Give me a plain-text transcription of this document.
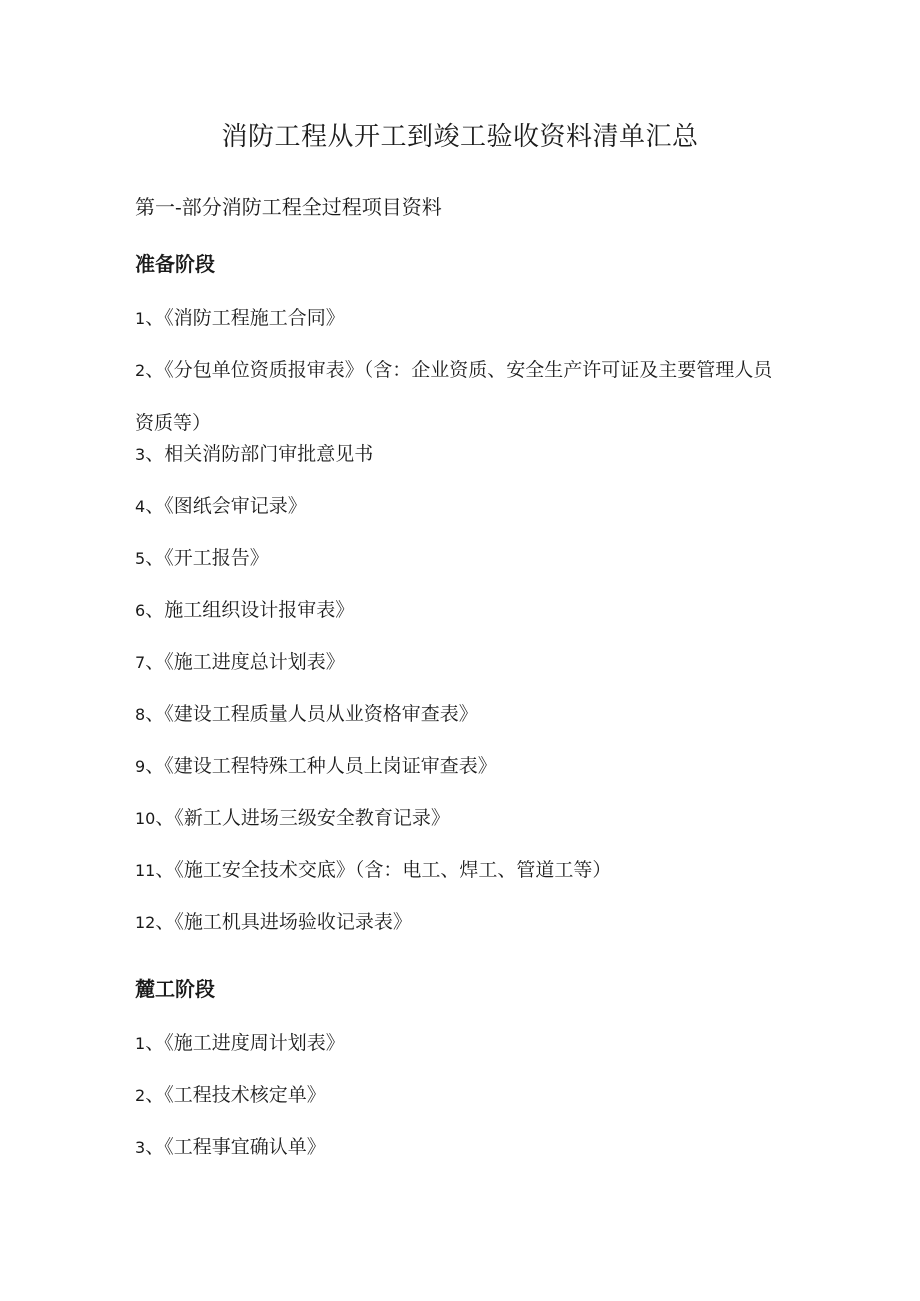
消防工程从开工到竣工验收资料清单汇总
第一-部分消防工程全过程项目资料
准备阶段
1、《消防工程施工合同》
2、《分包单位资质报审表》（含：企业资质、安全生产许可证及主要管理人员资质等）
3、相关消防部门审批意见书
4、《图纸会审记录》
5、《开工报告》
6、施工组织设计报审表》
7、《施工进度总计划表》
8、《建设工程质量人员从业资格审查表》
9、《建设工程特殊工种人员上岗证审查表》
10、《新工人进场三级安全教育记录》
11、《施工安全技术交底》（含：电工、焊工、管道工等）
12、《施工机具进场验收记录表》
麓工阶段
1、《施工进度周计划表》
2、《工程技术核定单》
3、《工程事宜确认单》
